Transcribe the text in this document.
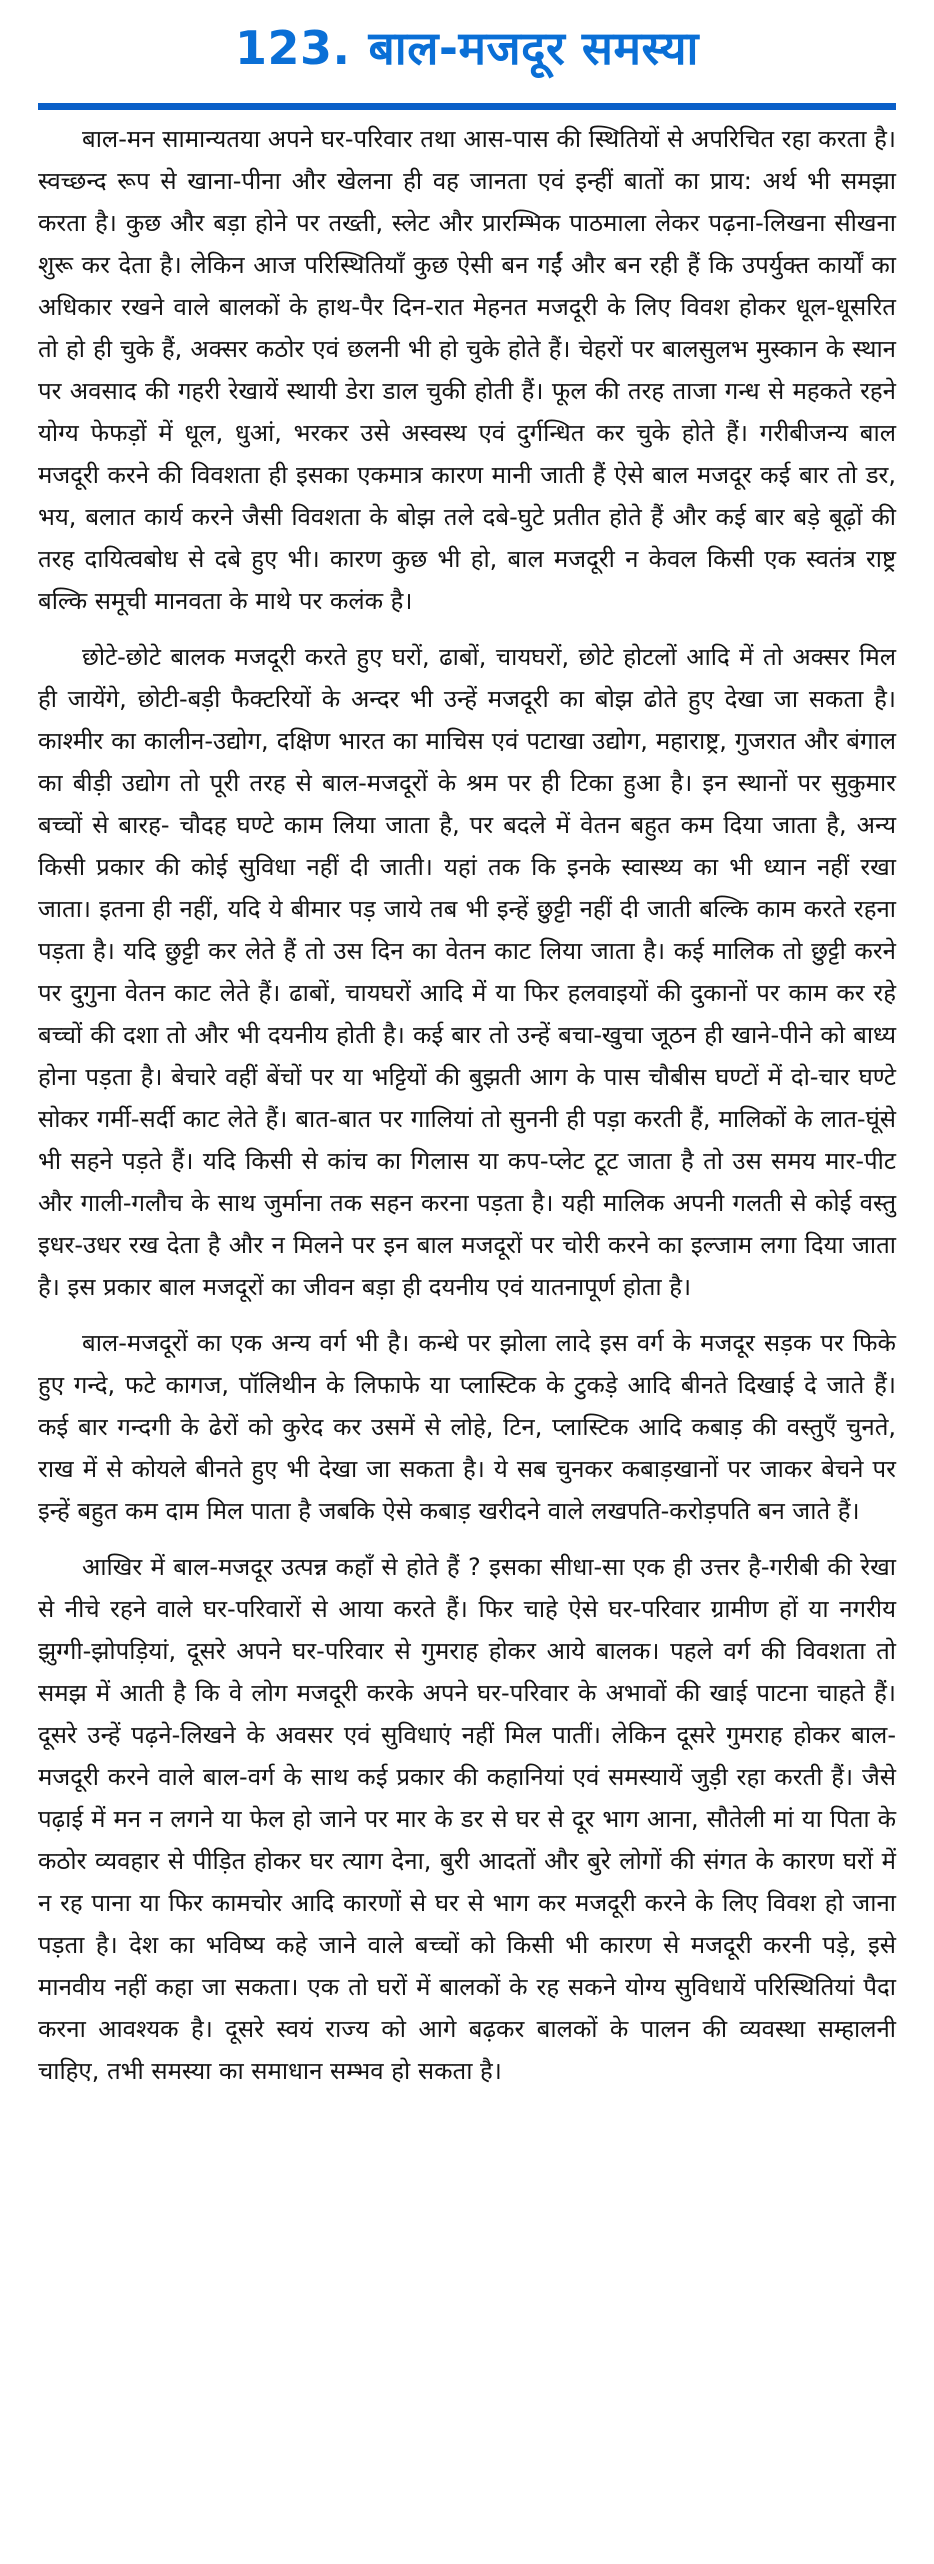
123. बाल-मजदूर समस्या

बाल-मन सामान्यतया अपने घर-परिवार तथा आस-पास की स्थितियों से अपरिचित रहा करता है। स्वच्छन्द रूप से खाना-पीना और खेलना ही वह जानता एवं इन्हीं बातों का प्राय: अर्थ भी समझा करता है। कुछ और बड़ा होने पर तख्ती, स्लेट और प्रारम्भिक पाठमाला लेकर पढ़ना-लिखना सीखना शुरू कर देता है। लेकिन आज परिस्थितियाँ कुछ ऐसी बन गईं और बन रही हैं कि उपर्युक्त कार्यों का अधिकार रखने वाले बालकों के हाथ-पैर दिन-रात मेहनत मजदूरी के लिए विवश होकर धूल-धूसरित तो हो ही चुके हैं, अक्सर कठोर एवं छलनी भी हो चुके होते हैं। चेहरों पर बालसुलभ मुस्कान के स्थान पर अवसाद की गहरी रेखायें स्थायी डेरा डाल चुकी होती हैं। फूल की तरह ताजा गन्ध से महकते रहने योग्य फेफड़ों में धूल, धुआं, भरकर उसे अस्वस्थ एवं दुर्गन्धित कर चुके होते हैं। गरीबीजन्य बाल मजदूरी करने की विवशता ही इसका एकमात्र कारण मानी जाती हैं ऐसे बाल मजदूर कई बार तो डर, भय, बलात कार्य करने जैसी विवशता के बोझ तले दबे-घुटे प्रतीत होते हैं और कई बार बड़े बूढ़ों की तरह दायित्वबोध से दबे हुए भी। कारण कुछ भी हो, बाल मजदूरी न केवल किसी एक स्वतंत्र राष्ट्र बल्कि समूची मानवता के माथे पर कलंक है।

छोटे-छोटे बालक मजदूरी करते हुए घरों, ढाबों, चायघरों, छोटे होटलों आदि में तो अक्सर मिल ही जायेंगे, छोटी-बड़ी फैक्टरियों के अन्दर भी उन्हें मजदूरी का बोझ ढोते हुए देखा जा सकता है। काश्मीर का कालीन-उद्योग, दक्षिण भारत का माचिस एवं पटाखा उद्योग, महाराष्ट्र, गुजरात और बंगाल का बीड़ी उद्योग तो पूरी तरह से बाल-मजदूरों के श्रम पर ही टिका हुआ है। इन स्थानों पर सुकुमार बच्चों से बारह- चौदह घण्टे काम लिया जाता है, पर बदले में वेतन बहुत कम दिया जाता है, अन्य किसी प्रकार की कोई सुविधा नहीं दी जाती। यहां तक कि इनके स्वास्थ्य का भी ध्यान नहीं रखा जाता। इतना ही नहीं, यदि ये बीमार पड़ जाये तब भी इन्हें छुट्टी नहीं दी जाती बल्कि काम करते रहना पड़ता है। यदि छुट्टी कर लेते हैं तो उस दिन का वेतन काट लिया जाता है। कई मालिक तो छुट्टी करने पर दुगुना वेतन काट लेते हैं। ढाबों, चायघरों आदि में या फिर हलवाइयों की दुकानों पर काम कर रहे बच्चों की दशा तो और भी दयनीय होती है। कई बार तो उन्हें बचा-खुचा जूठन ही खाने-पीने को बाध्य होना पड़ता है। बेचारे वहीं बेंचों पर या भट्टियों की बुझती आग के पास चौबीस घण्टों में दो-चार घण्टे सोकर गर्मी-सर्दी काट लेते हैं। बात-बात पर गालियां तो सुननी ही पड़ा करती हैं, मालिकों के लात-घूंसे भी सहने पड़ते हैं। यदि किसी से कांच का गिलास या कप-प्लेट टूट जाता है तो उस समय मार-पीट और गाली-गलौच के साथ जुर्माना तक सहन करना पड़ता है। यही मालिक अपनी गलती से कोई वस्तु इधर-उधर रख देता है और न मिलने पर इन बाल मजदूरों पर चोरी करने का इल्जाम लगा दिया जाता है। इस प्रकार बाल मजदूरों का जीवन बड़ा ही दयनीय एवं यातनापूर्ण होता है।

बाल-मजदूरों का एक अन्य वर्ग भी है। कन्धे पर झोला लादे इस वर्ग के मजदूर सड़क पर फिके हुए गन्दे, फटे कागज, पॉलिथीन के लिफाफे या प्लास्टिक के टुकड़े आदि बीनते दिखाई दे जाते हैं। कई बार गन्दगी के ढेरों को कुरेद कर उसमें से लोहे, टिन, प्लास्टिक आदि कबाड़ की वस्तुएँ चुनते, राख में से कोयले बीनते हुए भी देखा जा सकता है। ये सब चुनकर कबाड़खानों पर जाकर बेचने पर इन्हें बहुत कम दाम मिल पाता है जबकि ऐसे कबाड़ खरीदने वाले लखपति-करोड़पति बन जाते हैं।

आखिर में बाल-मजदूर उत्पन्न कहाँ से होते हैं ? इसका सीधा-सा एक ही उत्तर है-गरीबी की रेखा से नीचे रहने वाले घर-परिवारों से आया करते हैं। फिर चाहे ऐसे घर-परिवार ग्रामीण हों या नगरीय झुग्गी-झोपड़ियां, दूसरे अपने घर-परिवार से गुमराह होकर आये बालक। पहले वर्ग की विवशता तो समझ में आती है कि वे लोग मजदूरी करके अपने घर-परिवार के अभावों की खाई पाटना चाहते हैं। दूसरे उन्हें पढ़ने-लिखने के अवसर एवं सुविधाएं नहीं मिल पातीं। लेकिन दूसरे गुमराह होकर बाल-मजदूरी करने वाले बाल-वर्ग के साथ कई प्रकार की कहानियां एवं समस्यायें जुड़ी रहा करती हैं। जैसे पढ़ाई में मन न लगने या फेल हो जाने पर मार के डर से घर से दूर भाग आना, सौतेली मां या पिता के कठोर व्यवहार से पीड़ित होकर घर त्याग देना, बुरी आदतों और बुरे लोगों की संगत के कारण घरों में न रह पाना या फिर कामचोर आदि कारणों से घर से भाग कर मजदूरी करने के लिए विवश हो जाना पड़ता है। देश का भविष्य कहे जाने वाले बच्चों को किसी भी कारण से मजदूरी करनी पड़े, इसे मानवीय नहीं कहा जा सकता। एक तो घरों में बालकों के रह सकने योग्य सुविधायें परिस्थितियां पैदा करना आवश्यक है। दूसरे स्वयं राज्य को आगे बढ़कर बालकों के पालन की व्यवस्था सम्हालनी चाहिए, तभी समस्या का समाधान सम्भव हो सकता है।
